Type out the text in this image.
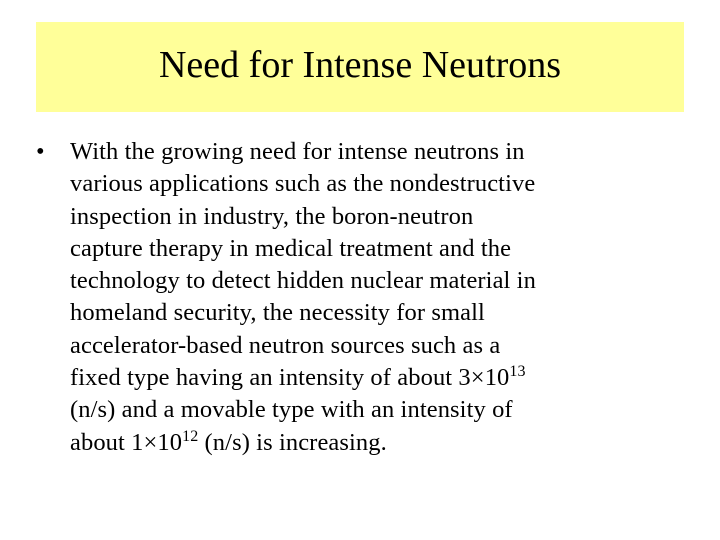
Need for Intense Neutrons
•	With the growing need for intense neutrons in
various applications such as the nondestructive
inspection in industry, the boron-neutron
capture therapy in medical treatment and the
technology to detect hidden nuclear material in
homeland security, the necessity for small
accelerator-based neutron sources such as a
fixed type having an intensity of about $3\times 10^{13}$
(n/s) and a movable type with an intensity of
about $1\times 10^{12}$ (n/s) is increasing.
